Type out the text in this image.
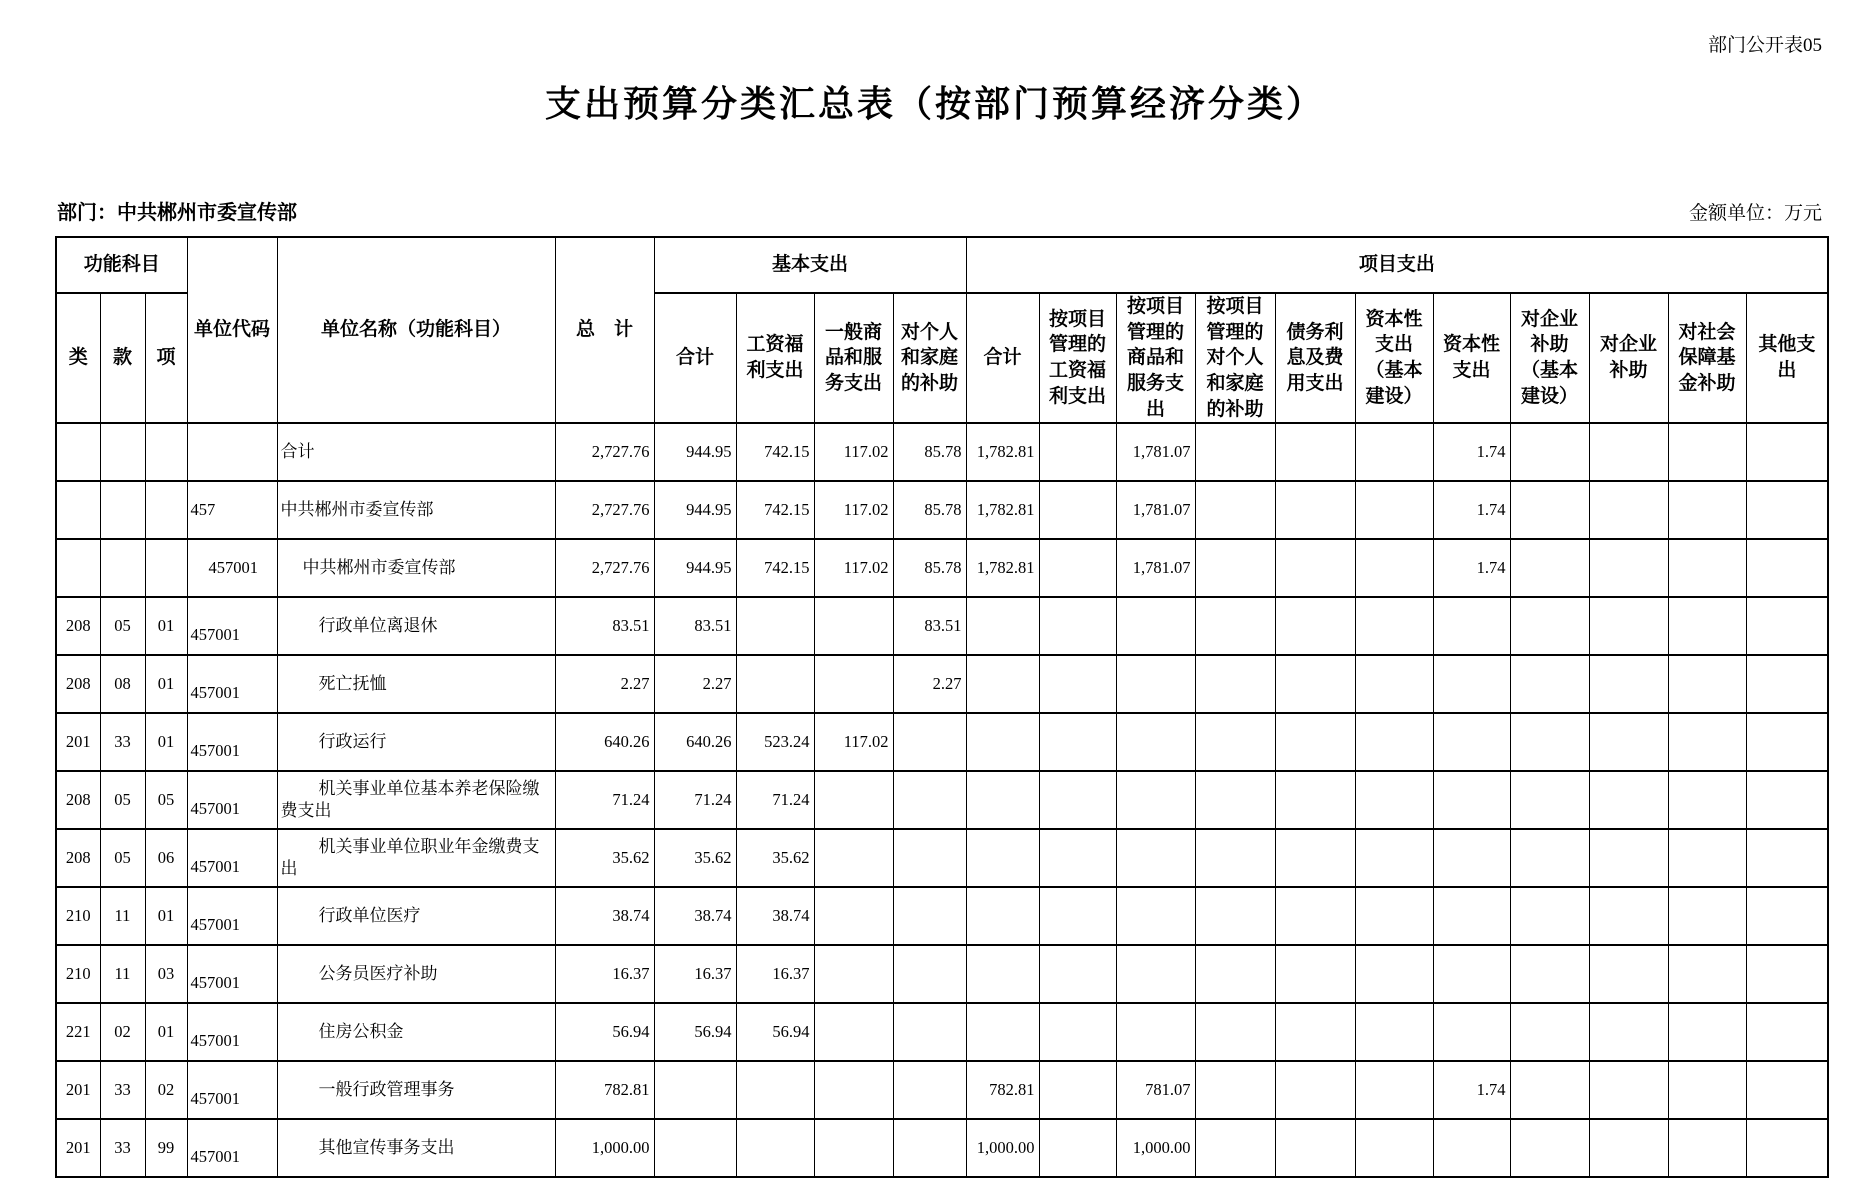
部门公开表05
支出预算分类汇总表（按部门预算经济分类）
部门：中共郴州市委宣传部	金额单位：万元
功能科目			单位代码	单位名称（功能科目）	总　计	基本支出				项目支出										
类	款	项				合计	工资福利支出	一般商品和服务支出	对个人和家庭的补助	合计	按项目管理的工资福利支出	按项目管理的商品和服务支出	按项目管理的对个人和家庭的补助	债务利息及费用支出	资本性支出（基本建设）	资本性支出	对企业补助（基本建设）	对企业补助	对社会保障基金补助	其他支出

				合计	2,727.76	944.95	742.15	117.02	85.78	1,782.81		1,781.07				1.74				
			457	中共郴州市委宣传部	2,727.76	944.95	742.15	117.02	85.78	1,782.81		1,781.07				1.74				
			457001	中共郴州市委宣传部	2,727.76	944.95	742.15	117.02	85.78	1,782.81		1,781.07				1.74				
208	05	01	457001	行政单位离退休	83.51	83.51			83.51											
208	08	01	457001	死亡抚恤	2.27	2.27			2.27											
201	33	01	457001	行政运行	640.26	640.26	523.24	117.02												
208	05	05	457001	机关事业单位基本养老保险缴费支出	71.24	71.24	71.24													
208	05	06	457001	机关事业单位职业年金缴费支出	35.62	35.62	35.62													
210	11	01	457001	行政单位医疗	38.74	38.74	38.74													
210	11	03	457001	公务员医疗补助	16.37	16.37	16.37													
221	02	01	457001	住房公积金	56.94	56.94	56.94													
201	33	02	457001	一般行政管理事务	782.81					782.81		781.07				1.74				
201	33	99	457001	其他宣传事务支出	1,000.00					1,000.00		1,000.00								
